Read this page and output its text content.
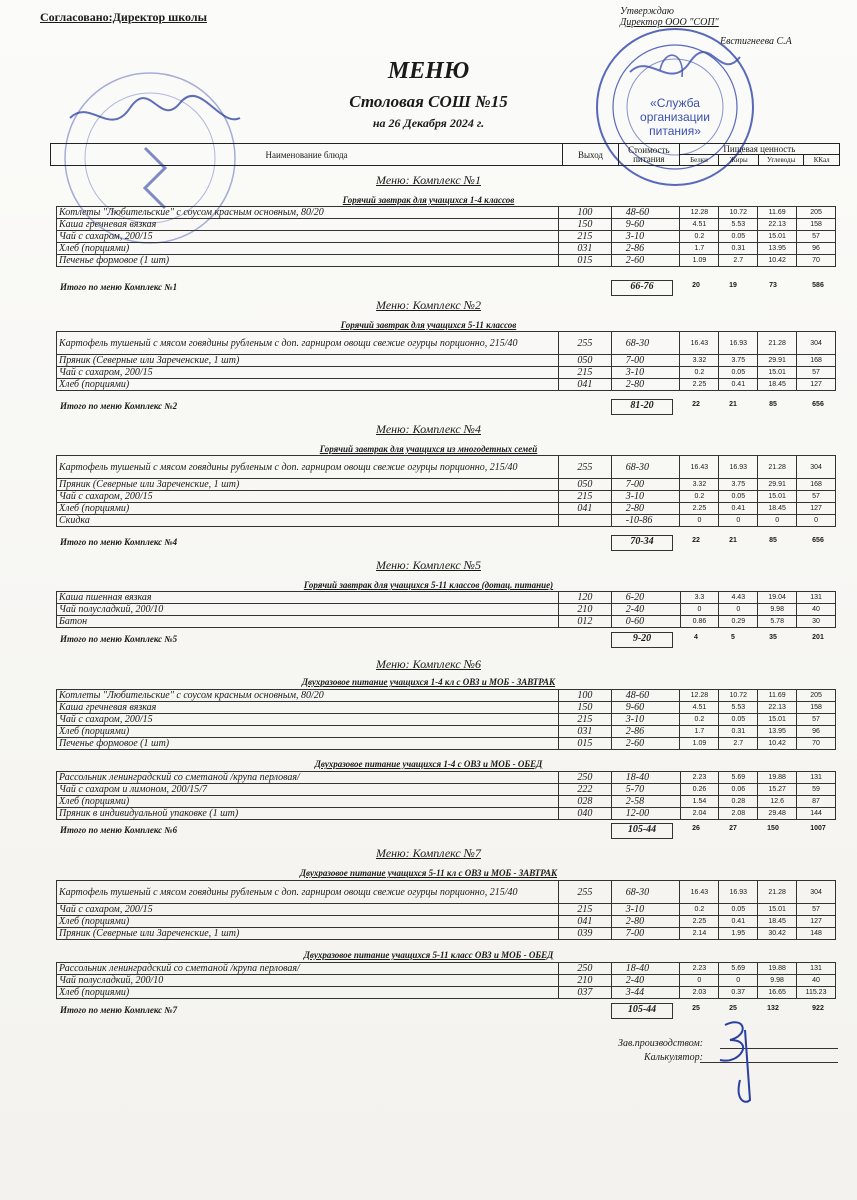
Согласовано:Директор школы	Утверждаю
Директор ООО "СОП"
Евстигнеева С.А
«Служба организации питания»
МЕНЮ
Столовая СОШ №15
на 26 Декабря 2024 г.
Наименование блюда	Выход	Стоимость питания	Пищевая ценность			
			Белки	Жиры	Углеводы	ККал
Меню: Комплекс №1
Горячий завтрак для учащихся 1-4 классов
Котлеты "Любительские" с соусом красным основным, 80/20	100	48-60	12.28	10.72	11.69	205
Каша гречневая вязкая	150	9-60	4.51	5.53	22.13	158
Чай с сахаром, 200/15	215	3-10	0.2	0.05	15.01	57
Хлеб (порциями)	031	2-86	1.7	0.31	13.95	96
Печенье формовое (1 шт)	015	2-60	1.09	2.7	10.42	70
Итого по меню Комплекс №1	66-76	20	19	73	586
Меню: Комплекс №2
Горячий завтрак для учащихся 5-11 классов
Картофель тушеный с мясом говядины рубленым с доп. гарниром овощи свежие огурцы порционно, 215/40	255	68-30	16.43	16.93	21.28	304
Пряник (Северные или Зареченские, 1 шт)	050	7-00	3.32	3.75	29.91	168
Чай с сахаром, 200/15	215	3-10	0.2	0.05	15.01	57
Хлеб (порциями)	041	2-80	2.25	0.41	18.45	127
Итого по меню Комплекс №2	81-20	22	21	85	656
Меню: Комплекс №4
Горячий завтрак для учащихся из многодетных семей
Картофель тушеный с мясом говядины рубленым с доп. гарниром овощи свежие огурцы порционно, 215/40	255	68-30	16.43	16.93	21.28	304
Пряник (Северные или Зареченские, 1 шт)	050	7-00	3.32	3.75	29.91	168
Чай с сахаром, 200/15	215	3-10	0.2	0.05	15.01	57
Хлеб (порциями)	041	2-80	2.25	0.41	18.45	127
Скидка		-10-86	0	0	0	0
Итого по меню Комплекс №4	70-34	22	21	85	656
Меню: Комплекс №5
Горячий завтрак для учащихся 5-11 классов (дотац. питание)
Каша пшенная вязкая	120	6-20	3.3	4.43	19.04	131
Чай полусладкий, 200/10	210	2-40	0	0	9.98	40
Батон	012	0-60	0.86	0.29	5.78	30
Итого по меню Комплекс №5	9-20	4	5	35	201
Меню: Комплекс №6
Двухразовое питание учащихся 1-4 кл с ОВЗ и МОБ - ЗАВТРАК
Котлеты "Любительские" с соусом красным основным, 80/20	100	48-60	12.28	10.72	11.69	205
Каша гречневая вязкая	150	9-60	4.51	5.53	22.13	158
Чай с сахаром, 200/15	215	3-10	0.2	0.05	15.01	57
Хлеб (порциями)	031	2-86	1.7	0.31	13.95	96
Печенье формовое (1 шт)	015	2-60	1.09	2.7	10.42	70
Двухразовое питание учащихся 1-4 с ОВЗ и МОБ - ОБЕД
Рассольник ленинградский со сметаной /крупа перловая/	250	18-40	2.23	5.69	19.88	131
Чай с сахаром и лимоном, 200/15/7	222	5-70	0.26	0.06	15.27	59
Хлеб (порциями)	028	2-58	1.54	0.28	12.6	87
Пряник в индивидуальной упаковке (1 шт)	040	12-00	2.04	2.08	29.48	144
Итого по меню Комплекс №6	105-44	26	27	150	1007
Меню: Комплекс №7
Двухразовое питание учащихся 5-11 кл с ОВЗ и МОБ - ЗАВТРАК
Картофель тушеный с мясом говядины рубленым с доп. гарниром овощи свежие огурцы порционно, 215/40	255	68-30	16.43	16.93	21.28	304
Чай с сахаром, 200/15	215	3-10	0.2	0.05	15.01	57
Хлеб (порциями)	041	2-80	2.25	0.41	18.45	127
Пряник (Северные или Зареченские, 1 шт)	039	7-00	2.14	1.95	30.42	148
Двухразовое питание учащихся 5-11 класс ОВЗ и МОБ - ОБЕД
Рассольник ленинградский со сметаной /крупа перловая/	250	18-40	2.23	5.69	19.88	131
Чай полусладкий, 200/10	210	2-40	0	0	9.98	40
Хлеб (порциями)	037	3-44	2.03	0.37	16.65	115.23
Итого по меню Комплекс №7	105-44	25	25	132	922
Зав.производством:
Калькулятор:
